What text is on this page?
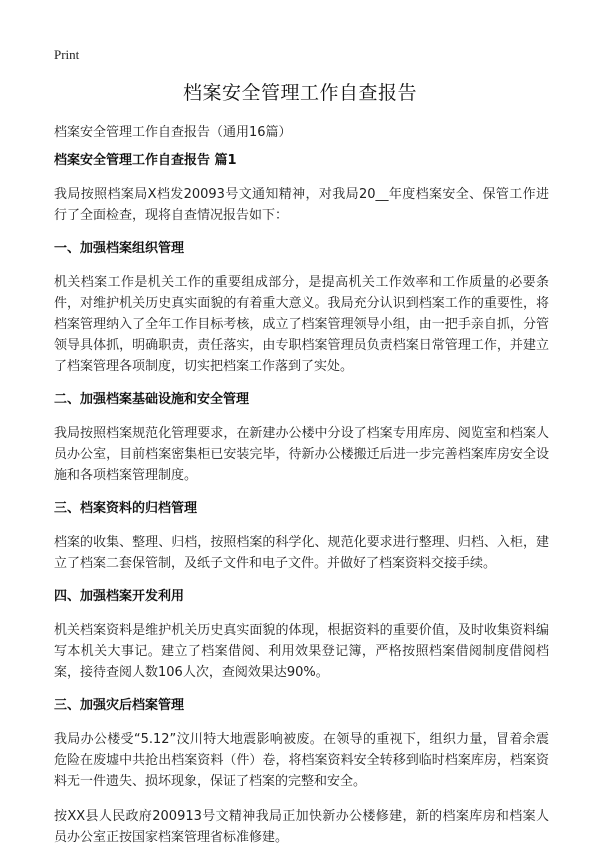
Print
档案安全管理工作自查报告
档案安全管理工作自查报告（通用16篇）
档案安全管理工作自查报告 篇1
我局按照档案局X档发20093号文通知精神，对我局20__年度档案安全、保管工作进行了全面检查，现将自查情况报告如下：
一、加强档案组织管理
机关档案工作是机关工作的重要组成部分，是提高机关工作效率和工作质量的必要条件，对维护机关历史真实面貌的有着重大意义。我局充分认识到档案工作的重要性，将档案管理纳入了全年工作目标考核，成立了档案管理领导小组，由一把手亲自抓，分管领导具体抓，明确职责，责任落实，由专职档案管理员负责档案日常管理工作，并建立了档案管理各项制度，切实把档案工作落到了实处。
二、加强档案基础设施和安全管理
我局按照档案规范化管理要求，在新建办公楼中分设了档案专用库房、阅览室和档案人员办公室，目前档案密集柜已安装完毕，待新办公楼搬迁后进一步完善档案库房安全设施和各项档案管理制度。
三、档案资料的归档管理
档案的收集、整理、归档，按照档案的科学化、规范化要求进行整理、归档、入柜，建立了档案二套保管制，及纸子文件和电子文件。并做好了档案资料交接手续。
四、加强档案开发利用
机关档案资料是维护机关历史真实面貌的体现，根据资料的重要价值，及时收集资料编写本机关大事记。建立了档案借阅、利用效果登记簿，严格按照档案借阅制度借阅档案，接待查阅人数106人次，查阅效果达90%。
三、加强灾后档案管理
我局办公楼受“5.12”汶川特大地震影响被废。在领导的重视下，组织力量，冒着余震危险在废墟中共抢出档案资料（件）卷，将档案资料安全转移到临时档案库房，档案资料无一件遗失、损坏现象，保证了档案的完整和安全。
按XX县人民政府200913号文精神我局正加快新办公楼修建，新的档案库房和档案人员办公室正按国家档案管理省标准修建。
